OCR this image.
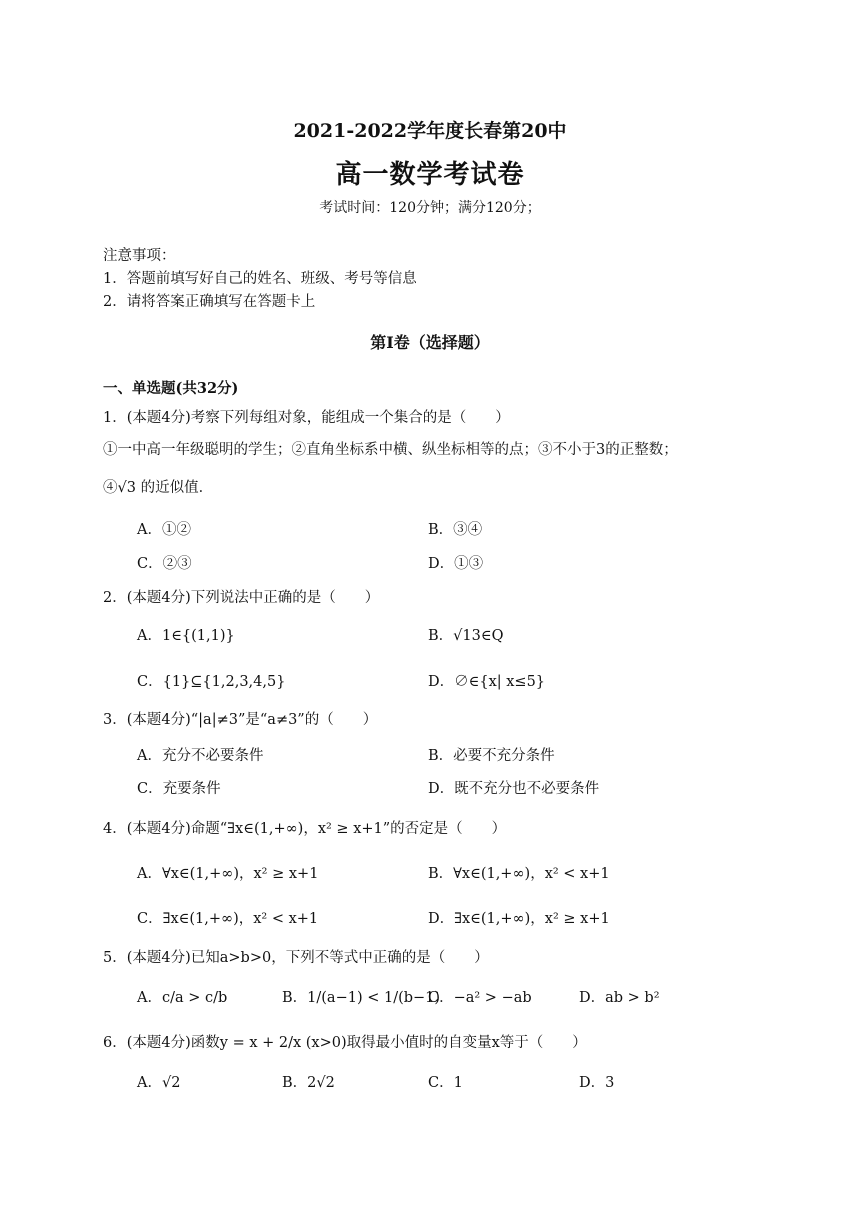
2021-2022学年度长春第20中
高一数学考试卷
考试时间：120分钟；满分120分；
注意事项：
1．答题前填写好自己的姓名、班级、考号等信息
2．请将答案正确填写在答题卡上
第Ⅰ卷（选择题）
一、单选题(共32分)
1．(本题4分)考察下列每组对象，能组成一个集合的是（　　）
①一中高一年级聪明的学生；②直角坐标系中横、纵坐标相等的点；③不小于3的正整数；
④√3 的近似值．
A．①②	B．③④
C．②③	D．①③
2．(本题4分)下列说法中正确的是（　　）
A．1∈{(1,1)}	B．√13∈Q
C．{1}⊆{1,2,3,4,5}	D．∅∈{x| x≤5}
3．(本题4分)“|a|≠3”是“a≠3”的（　　）
A．充分不必要条件	B．必要不充分条件
C．充要条件	D．既不充分也不必要条件
4．(本题4分)命题“∃x∈(1,+∞)，x² ≥ x+1”的否定是（　　）
A．∀x∈(1,+∞)，x² ≥ x+1	B．∀x∈(1,+∞)，x² < x+1
C．∃x∈(1,+∞)，x² < x+1	D．∃x∈(1,+∞)，x² ≥ x+1
5．(本题4分)已知a>b>0，下列不等式中正确的是（　　）
A．c/a > c/b	B．1/(a−1) < 1/(b−1)
C．−a² > −ab	D．ab > b²
6．(本题4分)函数y = x + 2/x (x>0)取得最小值时的自变量x等于（　　）
A．√2	B．2√2	C．1	D．3
